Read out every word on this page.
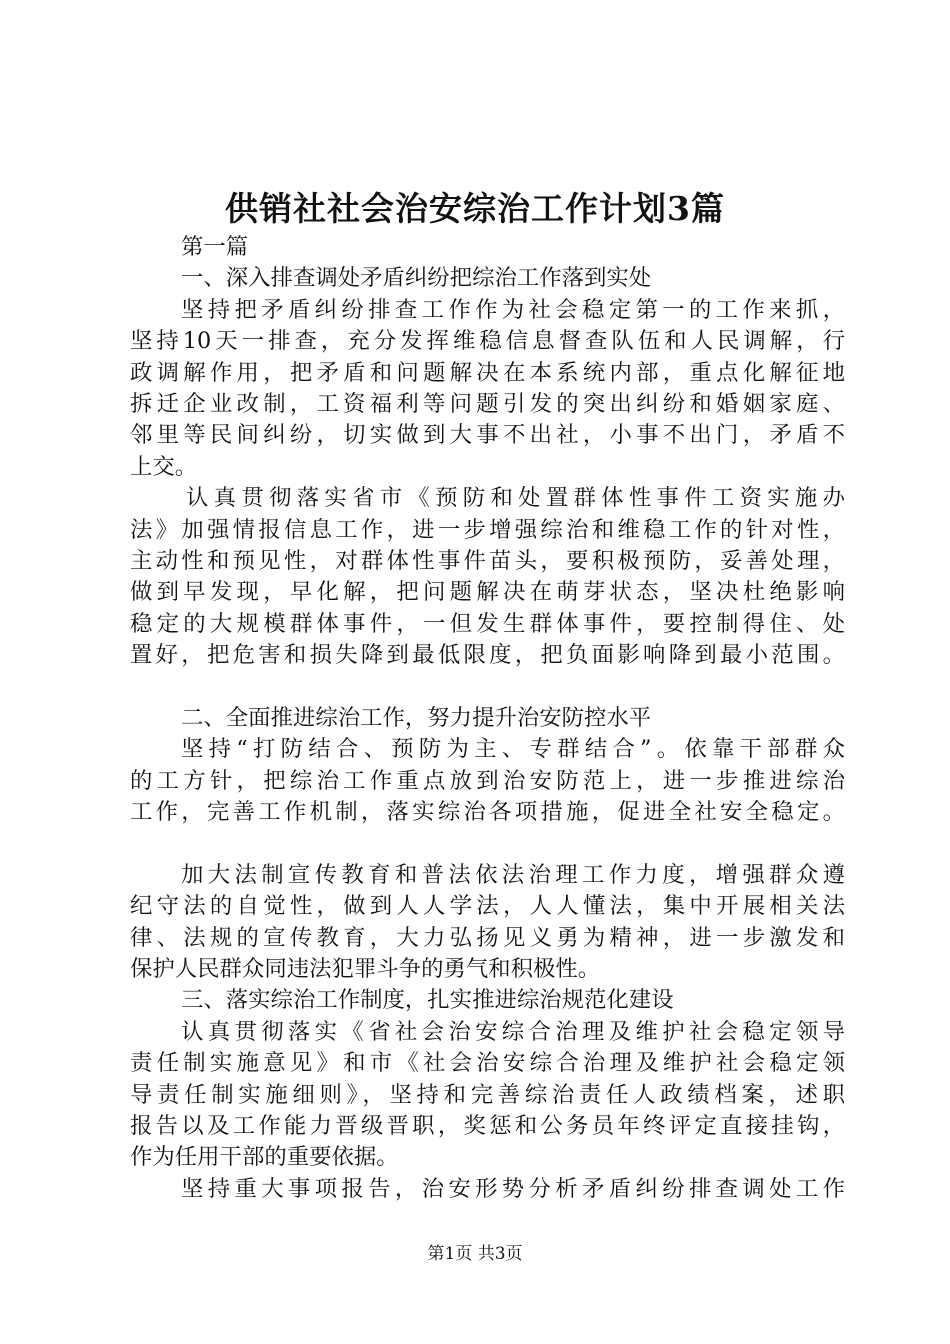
供销社社会治安综治工作计划3篇
第一篇
一、深入排查调处矛盾纠纷把综治工作落到实处
坚持把矛盾纠纷排查工作作为社会稳定第一的工作来抓，
坚持10天一排查，充分发挥维稳信息督查队伍和人民调解，行
政调解作用，把矛盾和问题解决在本系统内部，重点化解征地
拆迁企业改制，工资福利等问题引发的突出纠纷和婚姻家庭、
邻里等民间纠纷，切实做到大事不出社，小事不出门，矛盾不
上交。
认真贯彻落实省市《预防和处置群体性事件工资实施办
法》加强情报信息工作，进一步增强综治和维稳工作的针对性，
主动性和预见性，对群体性事件苗头，要积极预防，妥善处理，
做到早发现，早化解，把问题解决在萌芽状态，坚决杜绝影响
稳定的大规模群体事件，一但发生群体事件，要控制得住、处
置好，把危害和损失降到最低限度，把负面影响降到最小范围。
二、全面推进综治工作，努力提升治安防控水平
坚持“打防结合、预防为主、专群结合”。依靠干部群众
的工方针，把综治工作重点放到治安防范上，进一步推进综治
工作，完善工作机制，落实综治各项措施，促进全社安全稳定。
加大法制宣传教育和普法依法治理工作力度，增强群众遵
纪守法的自觉性，做到人人学法，人人懂法，集中开展相关法
律、法规的宣传教育，大力弘扬见义勇为精神，进一步激发和
保护人民群众同违法犯罪斗争的勇气和积极性。
三、落实综治工作制度，扎实推进综治规范化建设
认真贯彻落实《省社会治安综合治理及维护社会稳定领导
责任制实施意见》和市《社会治安综合治理及维护社会稳定领
导责任制实施细则》，坚持和完善综治责任人政绩档案，述职
报告以及工作能力晋级晋职，奖惩和公务员年终评定直接挂钩，
作为任用干部的重要依据。
坚持重大事项报告，治安形势分析矛盾纠纷排查调处工作
第1页 共3页
